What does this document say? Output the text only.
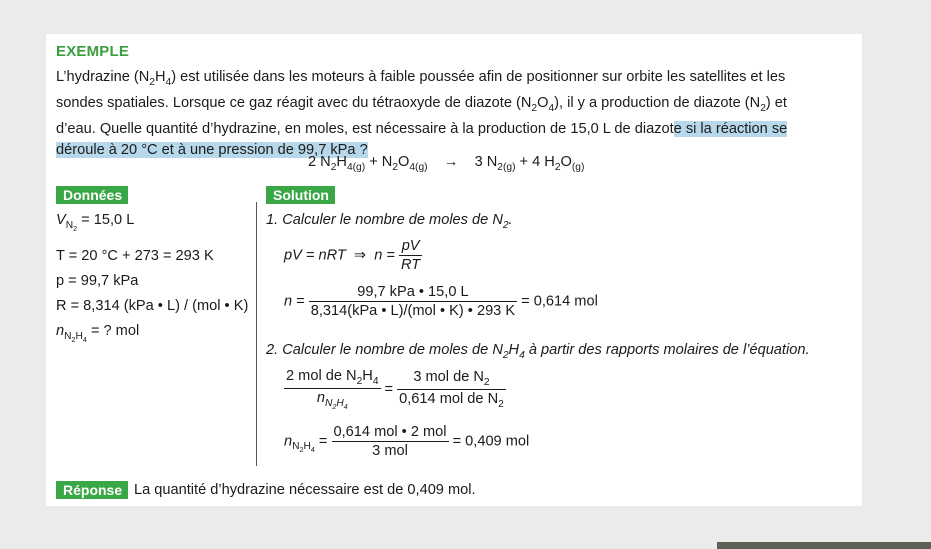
EXEMPLE
L’hydrazine $(N_2H_4)$ est utilisée dans les moteurs à faible poussée afin de positionner sur orbite les satellites et les
sondes spatiales. Lorsque ce gaz réagit avec du tétraoxyde de diazote $(N_2O_4)$, il y a production de diazote $(N_2)$ et
d’eau. Quelle quantité d’hydrazine, en moles, est nécessaire à la production de 15,0 L de diazote si la réaction se
déroule à 20 °C et à une pression de 99,7 kPa ?
2 $N_2H_{4(g)} + N_2O_{4(g)} \to 3$ $N_{2(g)} + 4$ $H_2O_{(g)}$
Données	Solution
$V_{N_2} = 15,0$ L
T = 20 °C + 273 = 293 K
p = 99,7 kPa
R = 8,314 (kPa • L) / (mol • K)
$n_{N_2H_4}$ = ? mol
1. Calculer le nombre de moles de $N_2$.
pV = nRT ⇒ $n = \frac{pV}{RT}$
$n = \frac{\text{99,7 kPa • 15,0 L}}{\text{8,314(kPa • L)/(mol • K) • 293 K}} = 0,614$ mol
2. Calculer le nombre de moles de $N_2H_4$ à partir des rapports molaires de l’équation.
$\frac{2 mol de N_2H_4}{n_{N_2H_4}} = \frac{3 mol de N_2}{0,614 mol de N_2}$
$n_{N_2H_4} = \frac{\text{0,614 mol • 2 mol}}{\text{3 mol}} = 0,409$ mol
Réponse La quantité d’hydrazine nécessaire est de 0,409 mol.
